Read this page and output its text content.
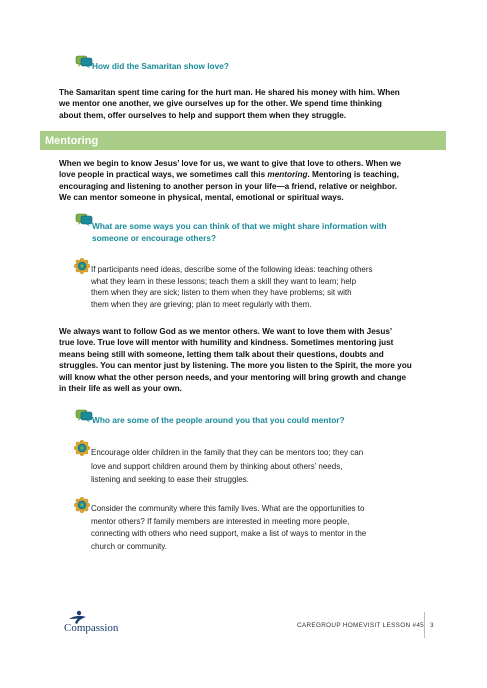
How did the Samaritan show love?
The Samaritan spent time caring for the hurt man. He shared his money with him. When
we mentor one another, we give ourselves up for the other. We spend time thinking
about them, offer ourselves to help and support them when they struggle.
Mentoring
When we begin to know Jesus’ love for us, we want to give that love to others. When we
love people in practical ways, we sometimes call this mentoring. Mentoring is teaching,
encouraging and listening to another person in your life—a friend, relative or neighbor.
We can mentor someone in physical, mental, emotional or spiritual ways.
What are some ways you can think of that we might share information with
someone or encourage others?
If participants need ideas, describe some of the following ideas: teaching others
what they learn in these lessons; teach them a skill they want to learn; help
them when they are sick; listen to them when they have problems; sit with
them when they are grieving; plan to meet regularly with them.
We always want to follow God as we mentor others. We want to love them with Jesus’
true love. True love will mentor with humility and kindness. Sometimes mentoring just
means being still with someone, letting them talk about their questions, doubts and
struggles. You can mentor just by listening. The more you listen to the Spirit, the more you
will know what the other person needs, and your mentoring will bring growth and change
in their life as well as your own.
Who are some of the people around you that you could mentor?
Encourage older children in the family that they can be mentors too; they can
love and support children around them by thinking about others’ needs,
listening and seeking to ease their struggles.
Consider the community where this family lives. What are the opportunities to
mentor others? If family members are interested in meeting more people,
connecting with others who need support, make a list of ways to mentor in the
church or community.
Compassion	CAREGROUP HOMEVISIT LESSON #45 3
